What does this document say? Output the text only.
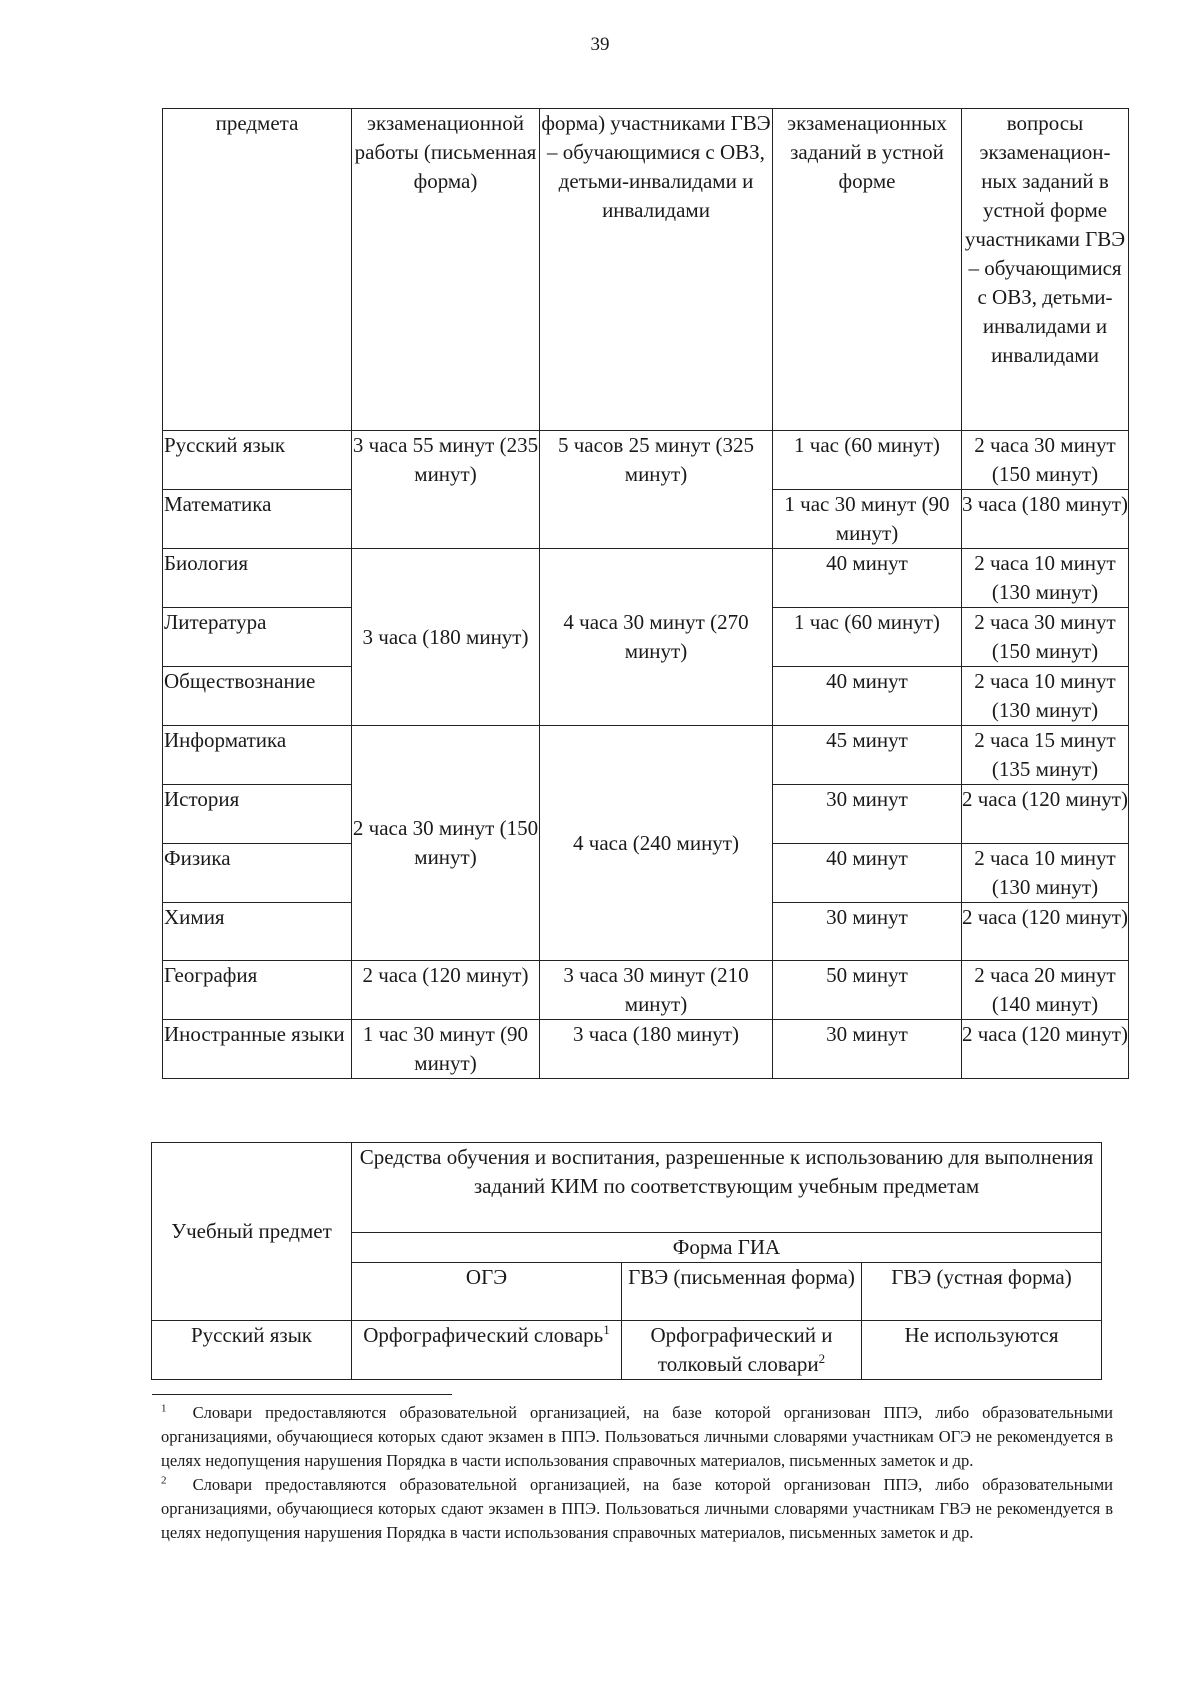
39
предмета	экзаменационной работы (письменная форма)	форма) участниками ГВЭ – обучающимися с ОВЗ, детьми-инвалидами и инвалидами	экзаменационных заданий в устной форме	вопросы экзаменацион-ных заданий в устной форме участниками ГВЭ – обучающимися с ОВЗ, детьми-инвалидами и инвалидами
Русский язык	3 часа 55 минут (235 минут)	5 часов 25 минут (325 минут)	1 час (60 минут)	2 часа 30 минут (150 минут)
Математика			1 час 30 минут (90 минут)	3 часа (180 минут)
Биология	3 часа (180 минут)	4 часа 30 минут (270 минут)	40 минут	2 часа 10 минут (130 минут)
Литература			1 час (60 минут)	2 часа 30 минут (150 минут)
Обществознание			40 минут	2 часа 10 минут (130 минут)
Информатика	2 часа 30 минут (150 минут)	4 часа (240 минут)	45 минут	2 часа 15 минут (135 минут)
История			30 минут	2 часа (120 минут)
Физика			40 минут	2 часа 10 минут (130 минут)
Химия			30 минут	2 часа (120 минут)
География	2 часа (120 минут)	3 часа 30 минут (210 минут)	50 минут	2 часа 20 минут (140 минут)
Иностранные языки	1 час 30 минут (90 минут)	3 часа (180 минут)	30 минут	2 часа (120 минут)
Учебный предмет	Средства обучения и воспитания, разрешенные к использованию для выполнения заданий КИМ по соответствующим учебным предметам		
	Форма ГИА		
	ОГЭ	ГВЭ (письменная форма)	ГВЭ (устная форма)
Русский язык	Орфографический словарь$^1$	Орфографический и толковый словари$^2$	Не используются

$^1$ Словари предоставляются образовательной организацией, на базе которой организован ППЭ, либо образовательными организациями, обучающиеся которых сдают экзамен в ППЭ. Пользоваться личными словарями участникам ОГЭ не рекомендуется в целях недопущения нарушения Порядка в части использования справочных материалов, письменных заметок и др.

$^2$ Словари предоставляются образовательной организацией, на базе которой организован ППЭ, либо образовательными организациями, обучающиеся которых сдают экзамен в ППЭ. Пользоваться личными словарями участникам ГВЭ не рекомендуется в целях недопущения нарушения Порядка в части использования справочных материалов, письменных заметок и др.
